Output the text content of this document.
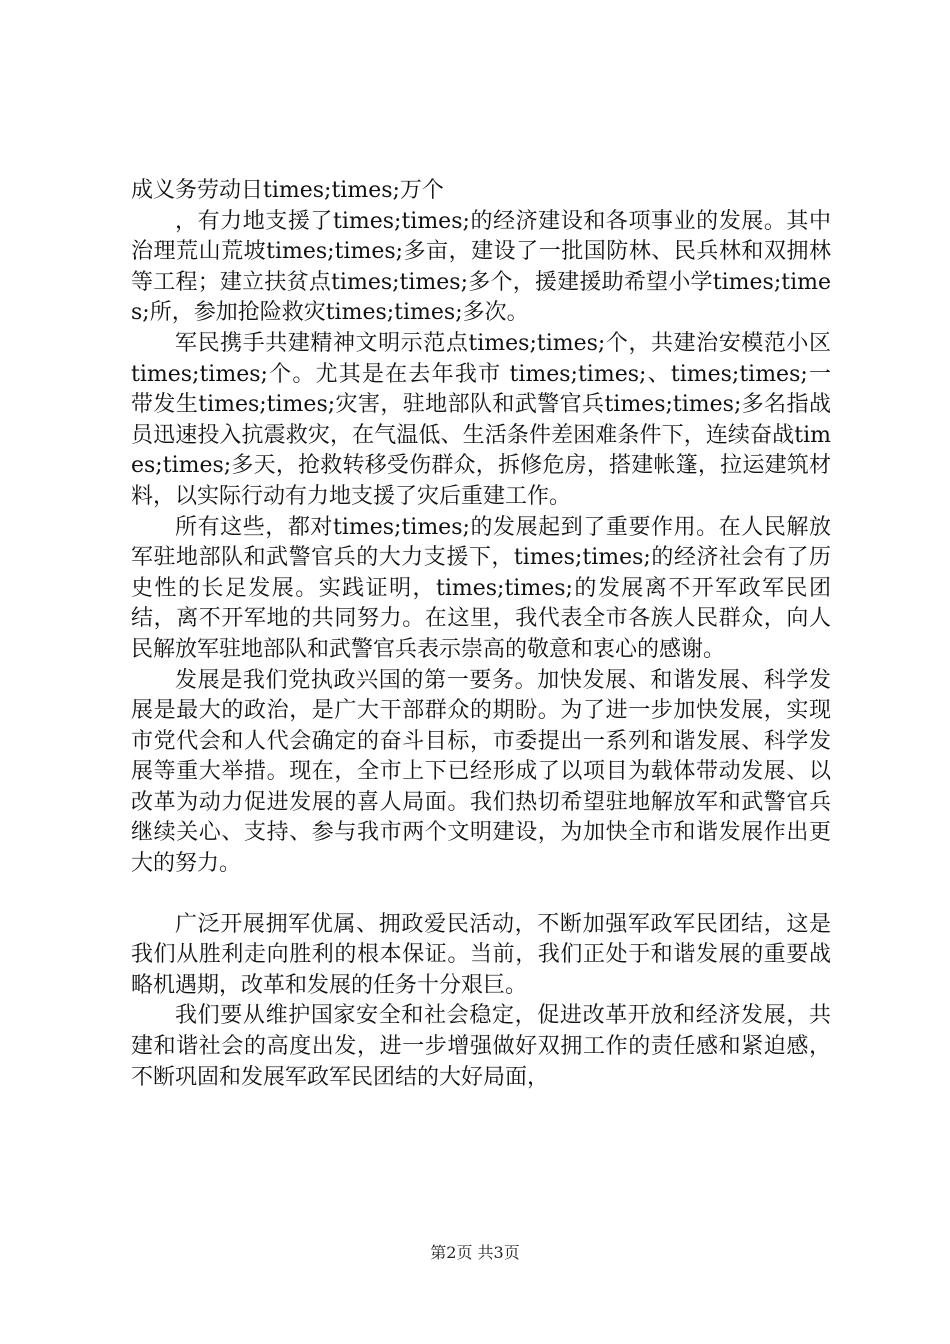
成义务劳动日times;times;万个

，有力地支援了times;times;的经济建设和各项事业的发展。其中治理荒山荒坡times;times;多亩，建设了一批国防林、民兵林和双拥林等工程；建立扶贫点times;times;多个，援建援助希望小学times;times;所，参加抢险救灾times;times;多次。

军民携手共建精神文明示范点times;times;个，共建治安模范小区 times;times;个。尤其是在去年我市 times;times;、times;times;一带发生times;times;灾害，驻地部队和武警官兵times;times;多名指战员迅速投入抗震救灾，在气温低、生活条件差困难条件下，连续奋战times;times;多天，抢救转移受伤群众，拆修危房，搭建帐篷，拉运建筑材料，以实际行动有力地支援了灾后重建工作。

所有这些，都对times;times;的发展起到了重要作用。在人民解放军驻地部队和武警官兵的大力支援下，times;times;的经济社会有了历史性的长足发展。实践证明，times;times;的发展离不开军政军民团结，离不开军地的共同努力。在这里，我代表全市各族人民群众，向人民解放军驻地部队和武警官兵表示崇高的敬意和衷心的感谢。

发展是我们党执政兴国的第一要务。加快发展、和谐发展、科学发展是最大的政治，是广大干部群众的期盼。为了进一步加快发展，实现市党代会和人代会确定的奋斗目标，市委提出一系列和谐发展、科学发展等重大举措。现在，全市上下已经形成了以项目为载体带动发展、以改革为动力促进发展的喜人局面。我们热切希望驻地解放军和武警官兵继续关心、支持、参与我市两个文明建设，为加快全市和谐发展作出更大的努力。

广泛开展拥军优属、拥政爱民活动，不断加强军政军民团结，这是我们从胜利走向胜利的根本保证。当前，我们正处于和谐发展的重要战略机遇期，改革和发展的任务十分艰巨。

我们要从维护国家安全和社会稳定，促进改革开放和经济发展，共建和谐社会的高度出发，进一步增强做好双拥工作的责任感和紧迫感，不断巩固和发展军政军民团结的大好局面，

第2页 共3页
